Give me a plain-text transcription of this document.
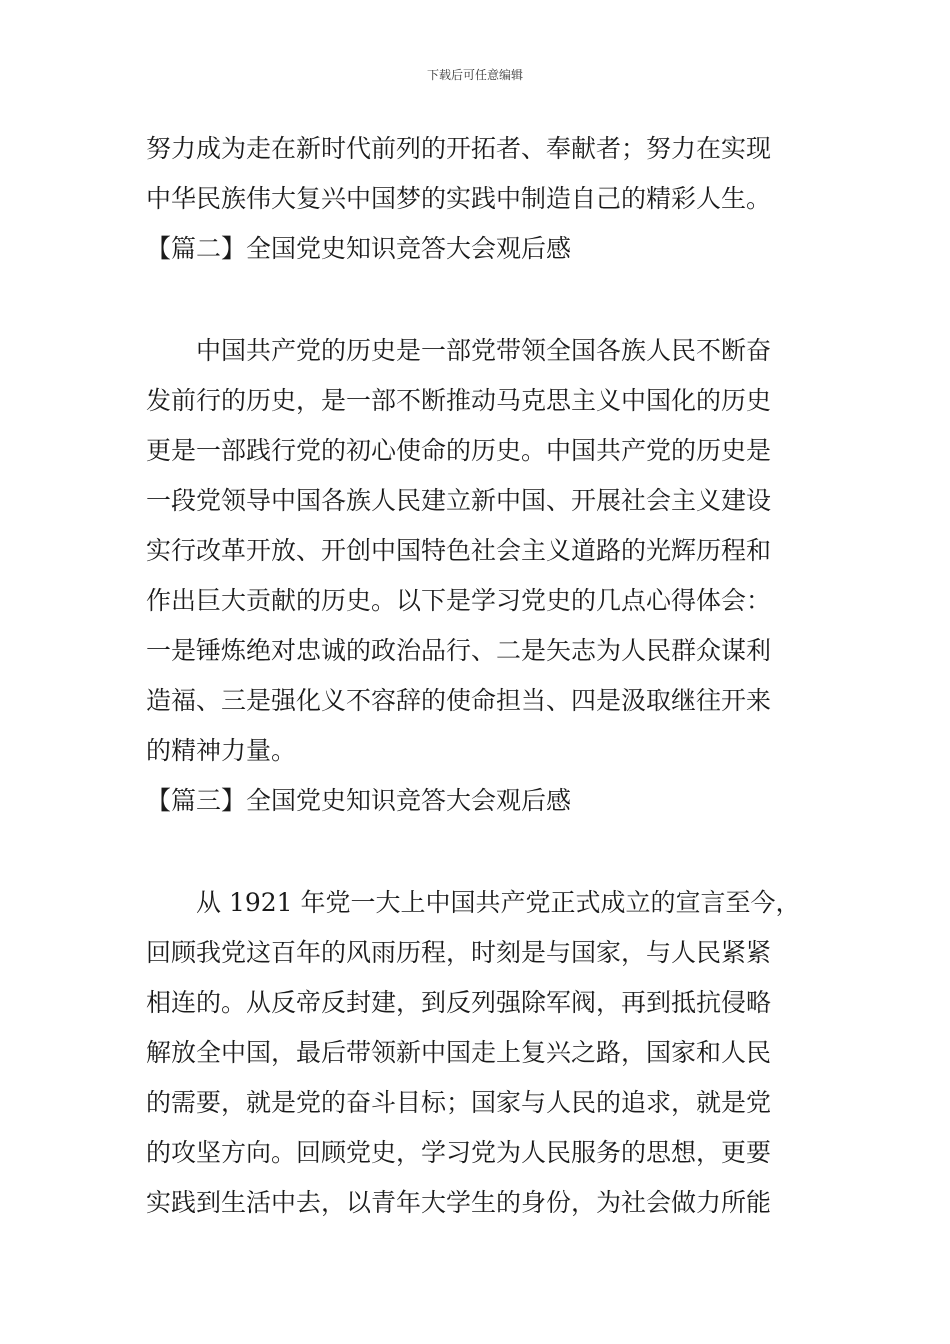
下载后可任意编辑
努力成为走在新时代前列的开拓者、奉献者；努力在实现
中华民族伟大复兴中国梦的实践中制造自己的精彩人生。
【篇二】全国党史知识竞答大会观后感
中国共产党的历史是一部党带领全国各族人民不断奋
发前行的历史，是一部不断推动马克思主义中国化的历史
更是一部践行党的初心使命的历史。中国共产党的历史是
一段党领导中国各族人民建立新中国、开展社会主义建设
实行改革开放、开创中国特色社会主义道路的光辉历程和
作出巨大贡献的历史。以下是学习党史的几点心得体会：
一是锤炼绝对忠诚的政治品行、二是矢志为人民群众谋利
造福、三是强化义不容辞的使命担当、四是汲取继往开来
的精神力量。
【篇三】全国党史知识竞答大会观后感
从 1921 年党一大上中国共产党正式成立的宣言至今，
回顾我党这百年的风雨历程，时刻是与国家，与人民紧紧
相连的。从反帝反封建，到反列强除军阀，再到抵抗侵略
解放全中国，最后带领新中国走上复兴之路，国家和人民
的需要，就是党的奋斗目标；国家与人民的追求，就是党
的攻坚方向。回顾党史，学习党为人民服务的思想，更要
实践到生活中去，以青年大学生的身份，为社会做力所能
